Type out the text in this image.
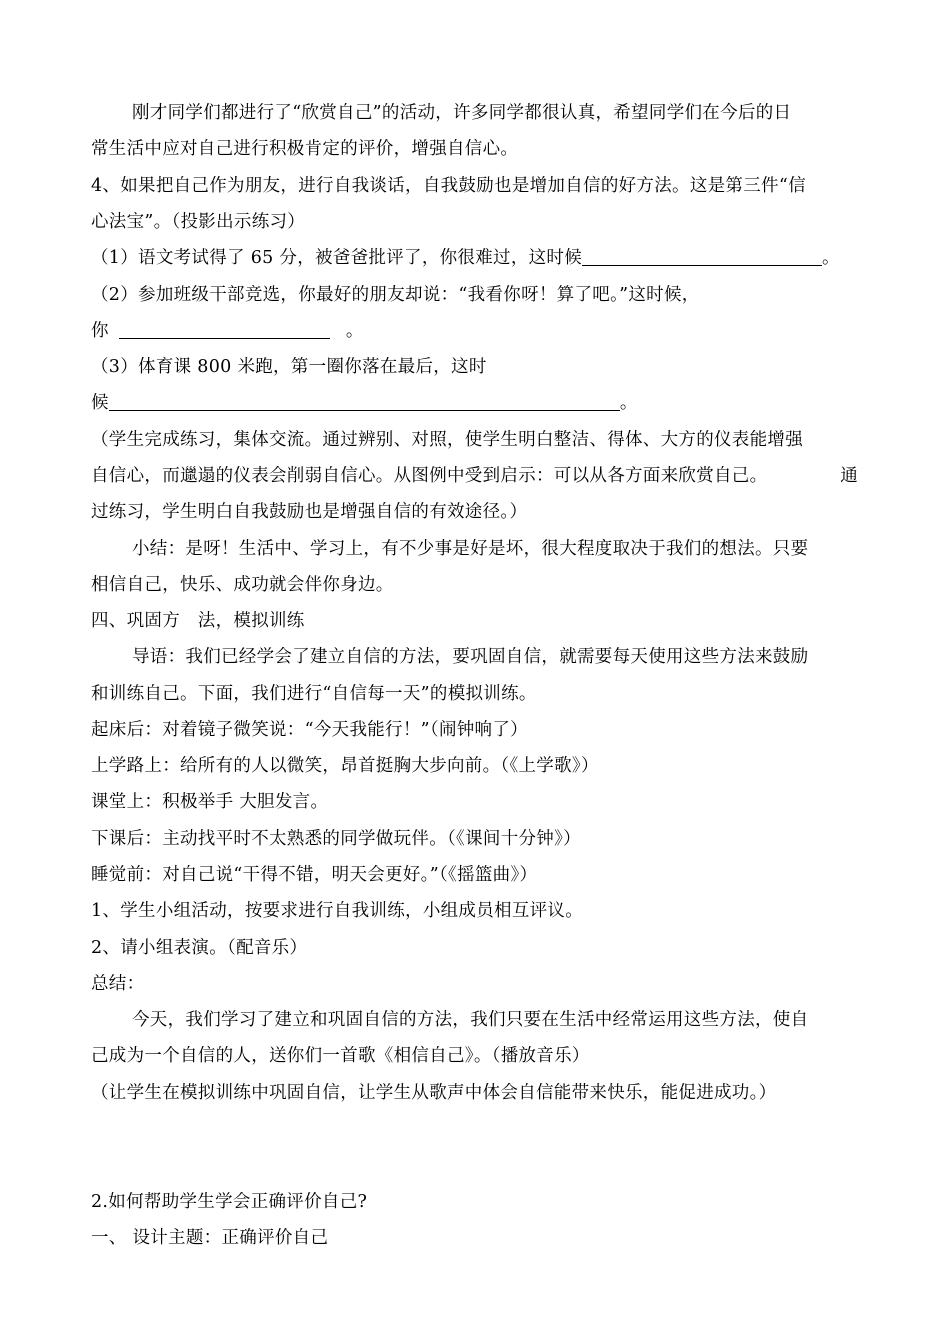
刚才同学们都进行了“欣赏自己”的活动，许多同学都很认真，希望同学们在今后的日
常生活中应对自己进行积极肯定的评价，增强自信心。
4、如果把自己作为朋友，进行自我谈话，自我鼓励也是增加自信的好方法。这是第三件“信
心法宝”。（投影出示练习）
（1）语文考试得了 65 分，被爸爸批评了，你很难过，这时候	。
（2）参加班级干部竞选，你最好的朋友却说：“我看你呀！算了吧。”这时候，
你	。
（3）体育课 800 米跑，第一圈你落在最后，这时
候	。
（学生完成练习，集体交流。通过辨别、对照，使学生明白整洁、得体、大方的仪表能增强
自信心，而邋遢的仪表会削弱自信心。从图例中受到启示：可以从各方面来欣赏自己。	通
过练习，学生明白自我鼓励也是增强自信的有效途径。）
小结：是呀！生活中、学习上，有不少事是好是坏，很大程度取决于我们的想法。只要
相信自己，快乐、成功就会伴你身边。
四、巩固方　法，模拟训练
导语：我们已经学会了建立自信的方法，要巩固自信，就需要每天使用这些方法来鼓励
和训练自己。下面，我们进行“自信每一天”的模拟训练。
起床后：对着镜子微笑说：“今天我能行！”（闹钟响了）
上学路上：给所有的人以微笑，昂首挺胸大步向前。（《上学歌》）
课堂上：积极举手 大胆发言。
下课后：主动找平时不太熟悉的同学做玩伴。（《课间十分钟》）
睡觉前：对自己说“干得不错，明天会更好。”（《摇篮曲》）
1、学生小组活动，按要求进行自我训练，小组成员相互评议。
2、请小组表演。（配音乐）
总结：
今天，我们学习了建立和巩固自信的方法，我们只要在生活中经常运用这些方法，使自
己成为一个自信的人，送你们一首歌《相信自己》。（播放音乐）
（让学生在模拟训练中巩固自信，让学生从歌声中体会自信能带来快乐，能促进成功。）
2.如何帮助学生学会正确评价自己?
一、 设计主题：正确评价自己
